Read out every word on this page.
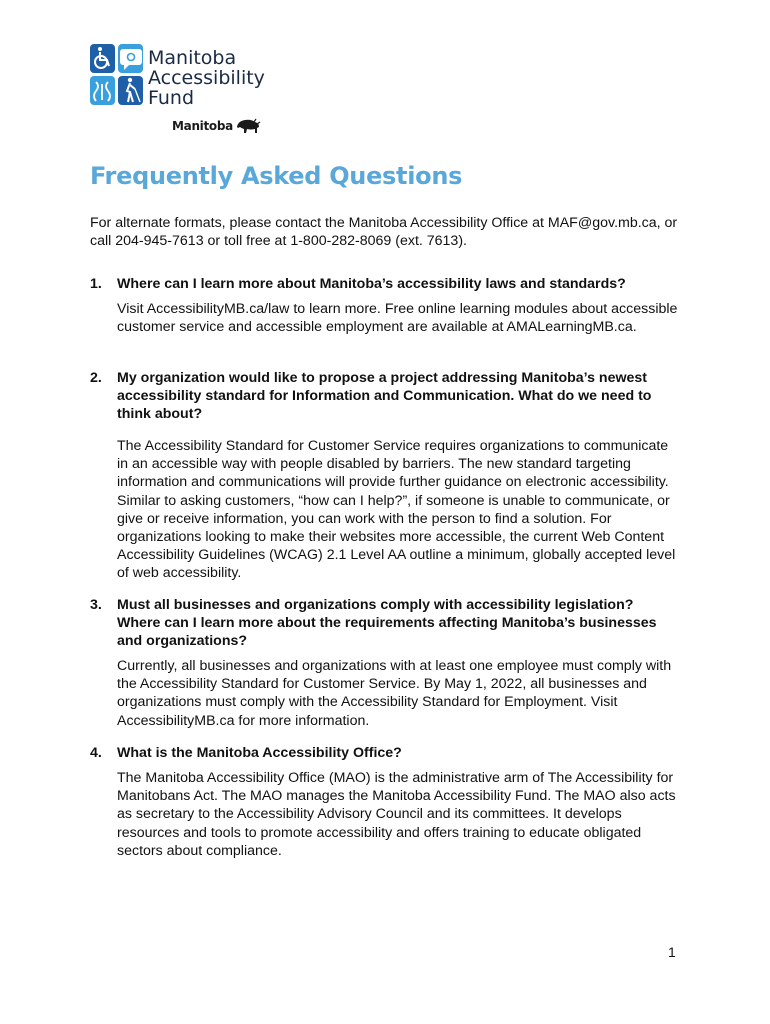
Manitoba
Accessibility
Fund
Manitoba
Frequently Asked Questions

For alternate formats, please contact the Manitoba Accessibility Office at MAF@gov.mb.ca, or call 204-945-7613 or toll free at 1-800-282-8069 (ext. 7613).

1.	Where can I learn more about Manitoba’s accessibility laws and standards?

Visit AccessibilityMB.ca/law to learn more. Free online learning modules about accessible customer service and accessible employment are available at AMALearningMB.ca.

2.	My organization would like to propose a project addressing Manitoba’s newest accessibility standard for Information and Communication. What do we need to think about?

The Accessibility Standard for Customer Service requires organizations to communicate in an accessible way with people disabled by barriers. The new standard targeting information and communications will provide further guidance on electronic accessibility. Similar to asking customers, “how can I help?”, if someone is unable to communicate, or give or receive information, you can work with the person to find a solution. For organizations looking to make their websites more accessible, the current Web Content Accessibility Guidelines (WCAG) 2.1 Level AA outline a minimum, globally accepted level of web accessibility.

3.	Must all businesses and organizations comply with accessibility legislation? Where can I learn more about the requirements affecting Manitoba’s businesses and organizations?

Currently, all businesses and organizations with at least one employee must comply with the Accessibility Standard for Customer Service. By May 1, 2022, all businesses and organizations must comply with the Accessibility Standard for Employment. Visit AccessibilityMB.ca for more information.

4.	What is the Manitoba Accessibility Office?

The Manitoba Accessibility Office (MAO) is the administrative arm of The Accessibility for Manitobans Act. The MAO manages the Manitoba Accessibility Fund. The MAO also acts as secretary to the Accessibility Advisory Council and its committees. It develops resources and tools to promote accessibility and offers training to educate obligated sectors about compliance.

1
